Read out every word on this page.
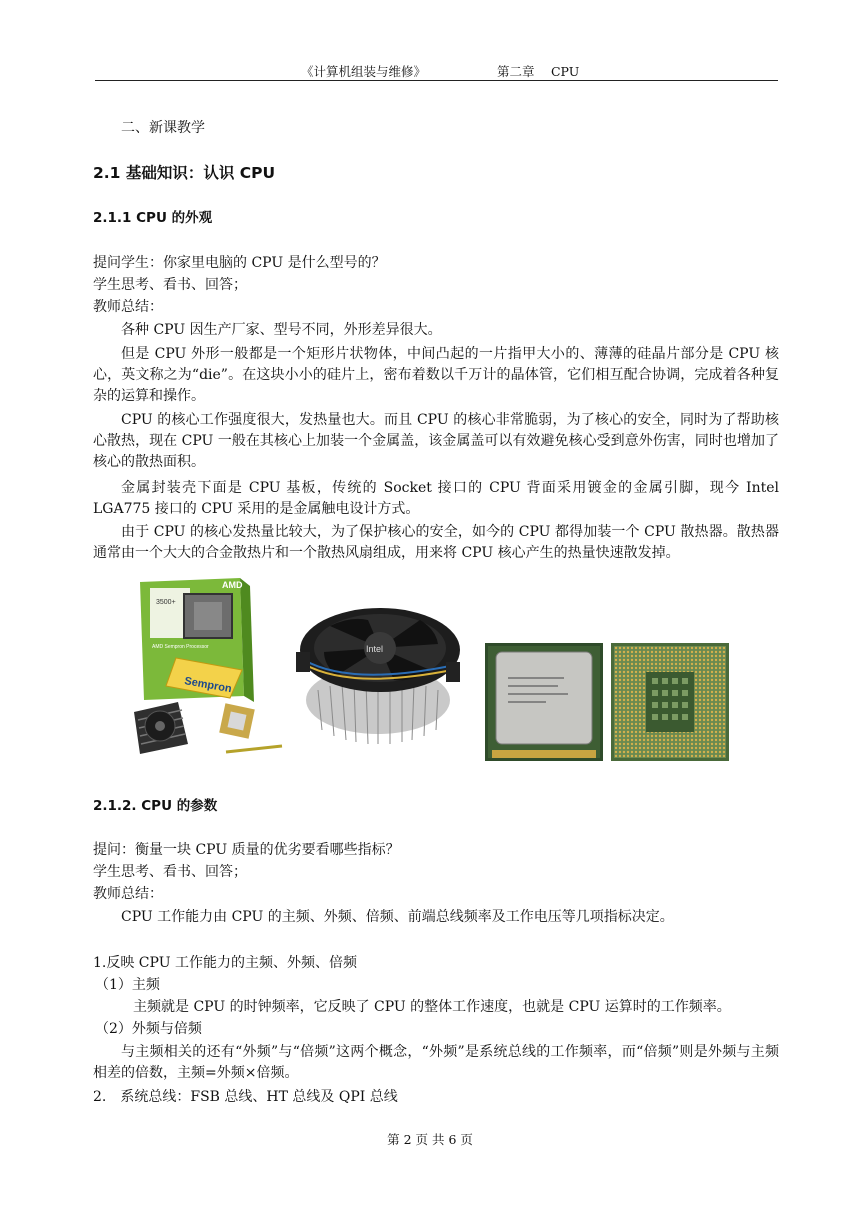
《计算机组装与维修》	第二章　 CPU

二、新课教学

2.1 基础知识：认识 CPU

2.1.1 CPU 的外观

提问学生：你家里电脑的 CPU 是什么型号的？

学生思考、看书、回答；

教师总结：

各种 CPU 因生产厂家、型号不同，外形差异很大。

但是 CPU 外形一般都是一个矩形片状物体，中间凸起的一片指甲大小的、薄薄的硅晶片部分是 CPU 核心，英文称之为“die”。在这块小小的硅片上，密布着数以千万计的晶体管，它们相互配合协调，完成着各种复杂的运算和操作。

CPU 的核心工作强度很大，发热量也大。而且 CPU 的核心非常脆弱，为了核心的安全，同时为了帮助核心散热，现在 CPU 一般在其核心上加装一个金属盖，该金属盖可以有效避免核心受到意外伤害，同时也增加了核心的散热面积。

金属封装壳下面是 CPU 基板，传统的 Socket 接口的 CPU 背面采用镀金的金属引脚，现今 Intel LGA775 接口的 CPU 采用的是金属触电设计方式。

由于 CPU 的核心发热量比较大，为了保护核心的安全，如今的 CPU 都得加装一个 CPU 散热器。散热器通常由一个大大的合金散热片和一个散热风扇组成，用来将 CPU 核心产生的热量快速散发掉。

3500+
AMD
AMD Sempron Processor
Sempron
Intel

2.1.2. CPU 的参数

提问：衡量一块 CPU 质量的优劣要看哪些指标？

学生思考、看书、回答；

教师总结：

CPU 工作能力由 CPU 的主频、外频、倍频、前端总线频率及工作电压等几项指标决定。

1.反映 CPU 工作能力的主频、外频、倍频

（1）主频

主频就是 CPU 的时钟频率，它反映了 CPU 的整体工作速度，也就是 CPU 运算时的工作频率。

（2）外频与倍频

与主频相关的还有“外频”与“倍频”这两个概念，“外频”是系统总线的工作频率，而“倍频”则是外频与主频相差的倍数，主频=外频×倍频。

2.　系统总线：FSB 总线、HT 总线及 QPI 总线

第 2 页 共 6 页
